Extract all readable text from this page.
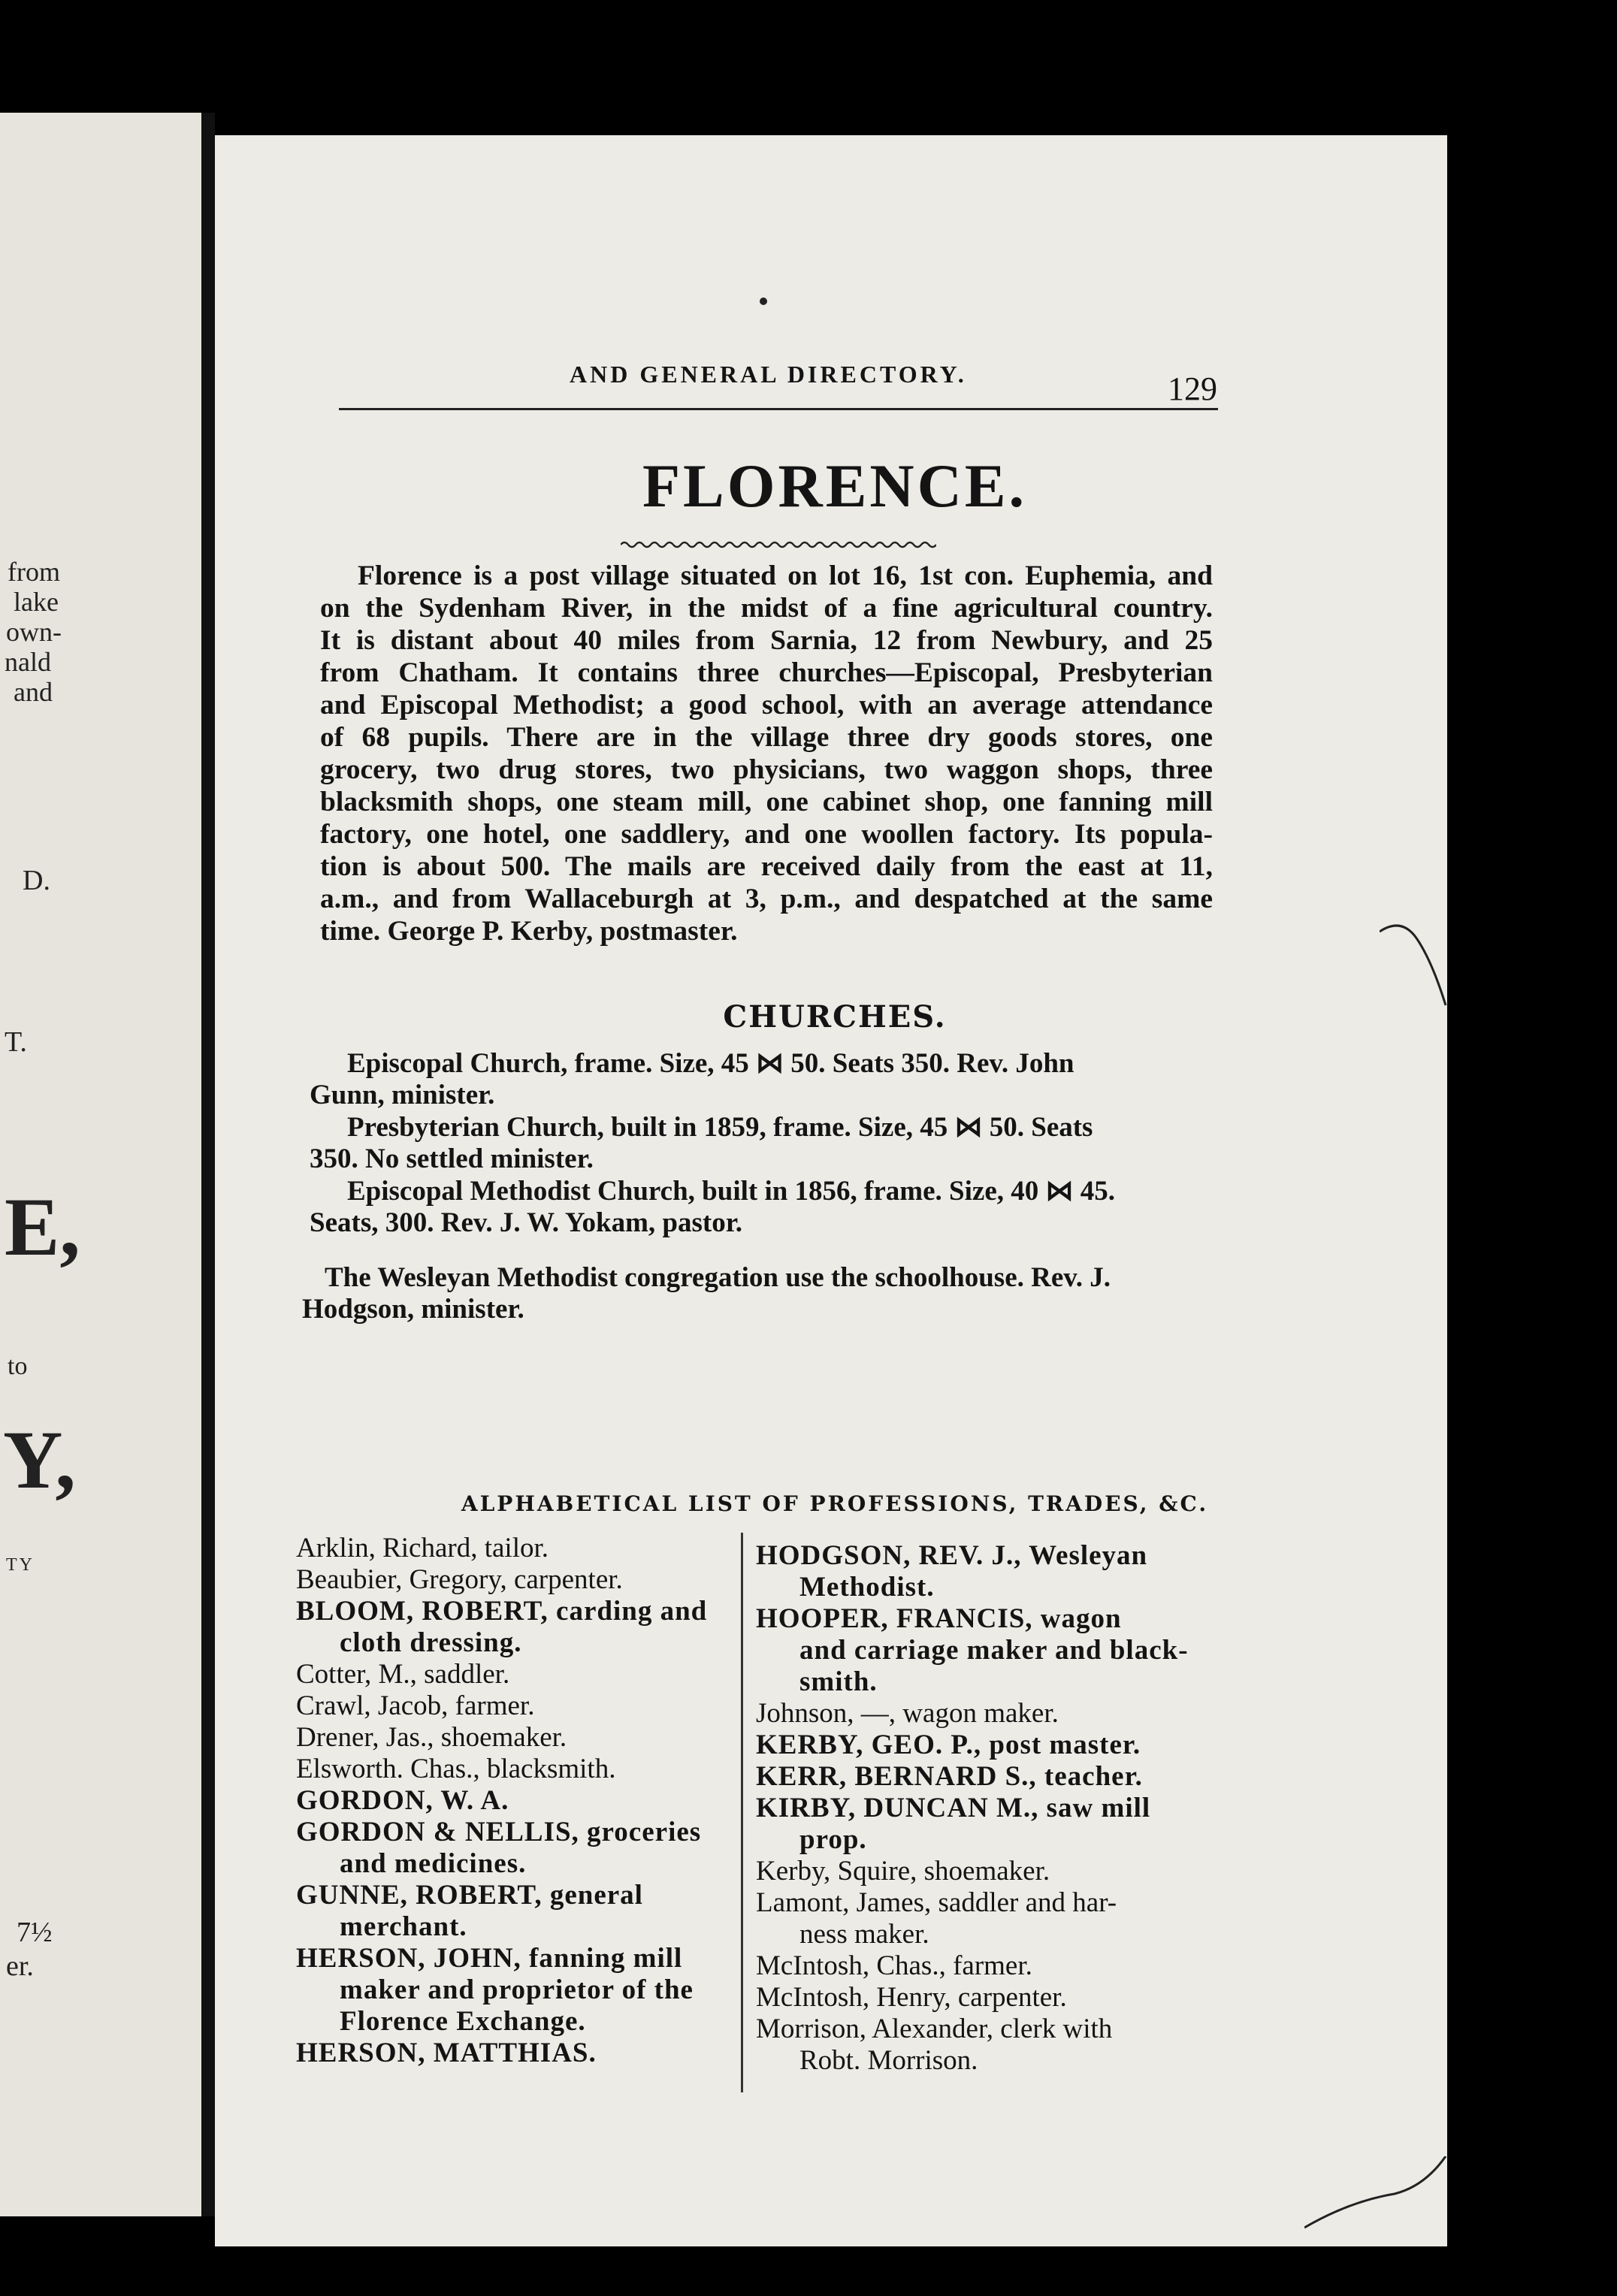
from
lake
own-
nald
and
D.
T.
E,
to
Y,
TY
7½
er.
AND GENERAL DIRECTORY.	129
FLORENCE.
Florence is a post village situated on lot 16, 1st con. Euphemia, and
on the Sydenham River, in the midst of a fine agricultural country.
It is distant about 40 miles from Sarnia, 12 from Newbury, and 25
from Chatham. It contains three churches—Episcopal, Presbyterian
and Episcopal Methodist; a good school, with an average attendance
of 68 pupils. There are in the village three dry goods stores, one
grocery, two drug stores, two physicians, two waggon shops, three
blacksmith shops, one steam mill, one cabinet shop, one fanning mill
factory, one hotel, one saddlery, and one woollen factory. Its popula-
tion is about 500. The mails are received daily from the east at 11,
a.m., and from Wallaceburgh at 3, p.m., and despatched at the same
time. George P. Kerby, postmaster.
CHURCHES.
Episcopal Church, frame. Size, 45 ⋈ 50. Seats 350. Rev. John
Gunn, minister.
Presbyterian Church, built in 1859, frame. Size, 45 ⋈ 50. Seats
350. No settled minister.
Episcopal Methodist Church, built in 1856, frame. Size, 40 ⋈ 45.
Seats, 300. Rev. J. W. Yokam, pastor.
The Wesleyan Methodist congregation use the schoolhouse. Rev. J.
Hodgson, minister.
ALPHABETICAL LIST OF PROFESSIONS, TRADES, &C.
Arklin, Richard, tailor.
Beaubier, Gregory, carpenter.
BLOOM, ROBERT, carding and
cloth dressing.
Cotter, M., saddler.
Crawl, Jacob, farmer.
Drener, Jas., shoemaker.
Elsworth. Chas., blacksmith.
GORDON, W. A.
GORDON & NELLIS, groceries
and medicines.
GUNNE, ROBERT, general
merchant.
HERSON, JOHN, fanning mill
maker and proprietor of the
Florence Exchange.
HERSON, MATTHIAS.
HODGSON, REV. J., Wesleyan
Methodist.
HOOPER, FRANCIS, wagon
and carriage maker and black-
smith.
Johnson, —, wagon maker.
KERBY, GEO. P., post master.
KERR, BERNARD S., teacher.
KIRBY, DUNCAN M., saw mill
prop.
Kerby, Squire, shoemaker.
Lamont, James, saddler and har-
ness maker.
McIntosh, Chas., farmer.
McIntosh, Henry, carpenter.
Morrison, Alexander, clerk with
Robt. Morrison.
